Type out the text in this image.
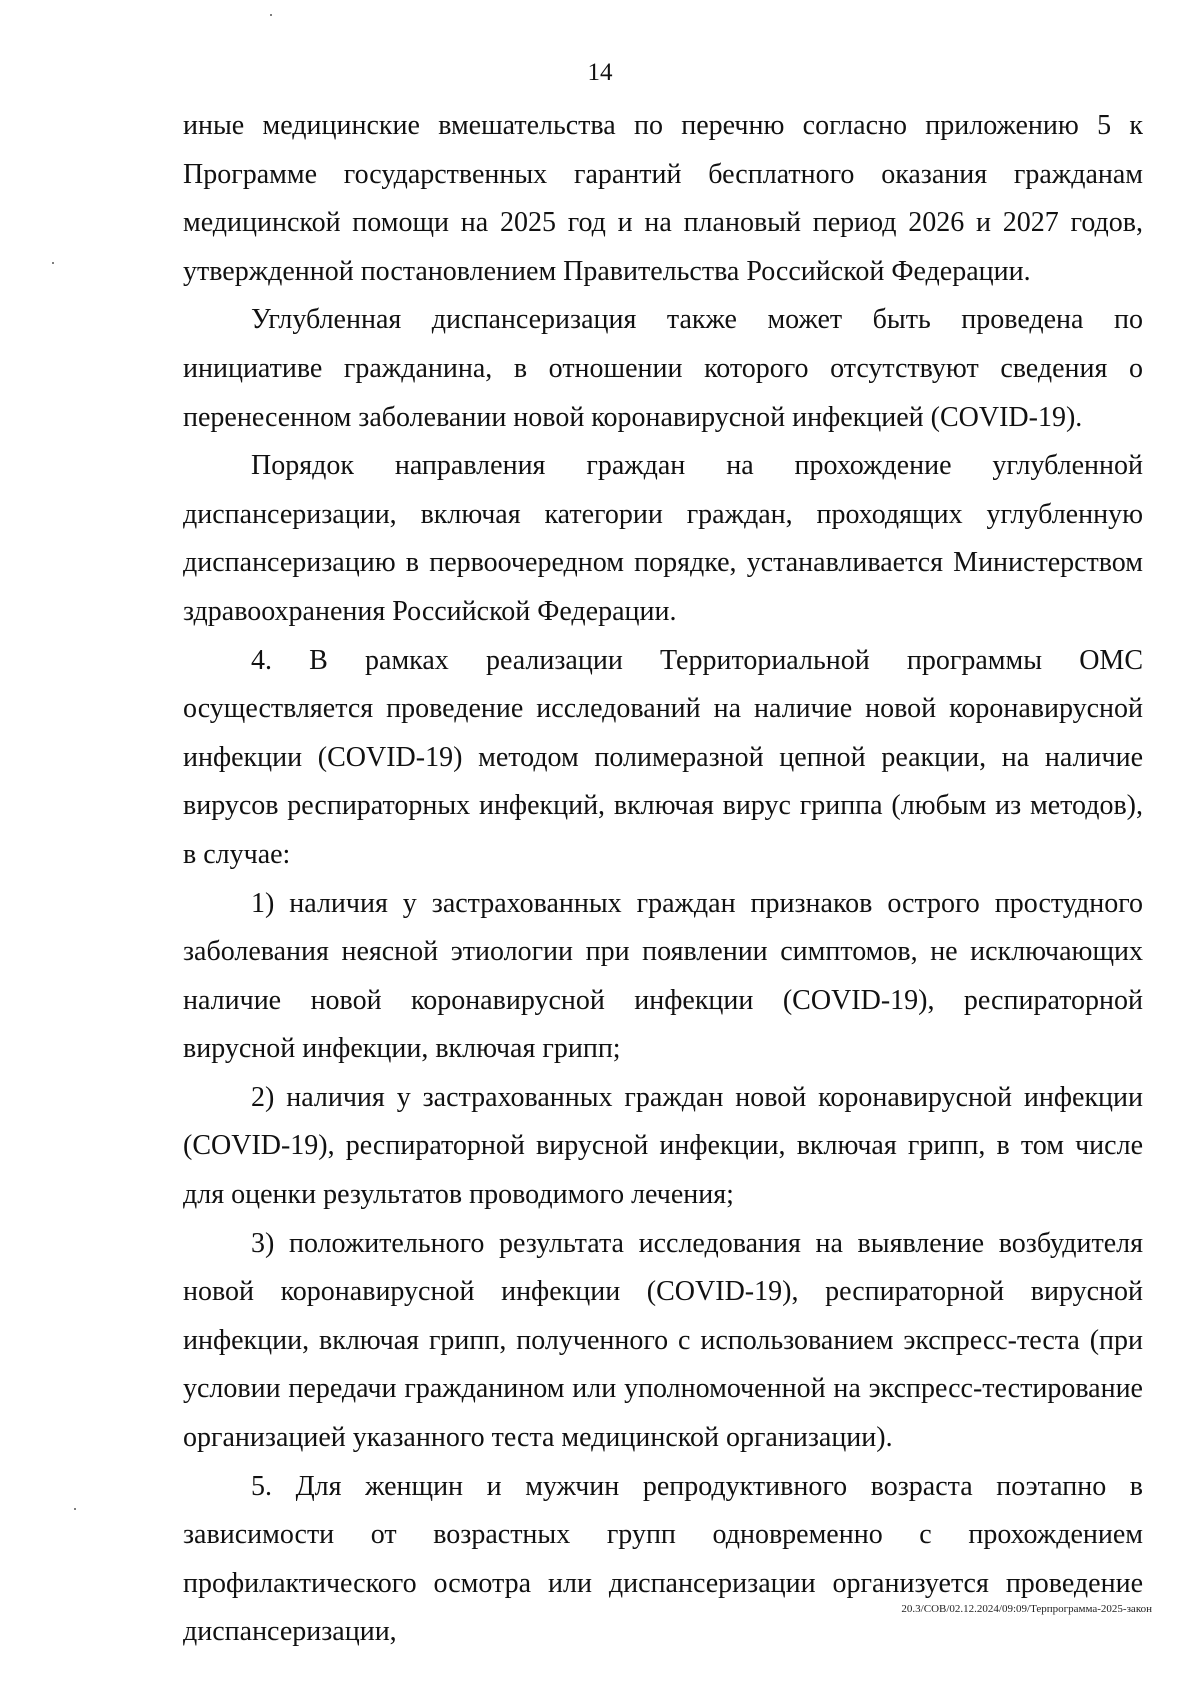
14

иные медицинские вмешательства по перечню согласно приложению 5 к Программе государственных гарантий бесплатного оказания гражданам медицинской помощи на 2025 год и на плановый период 2026 и 2027 годов, утвержденной постановлением Правительства Российской Федерации.

Углубленная диспансеризация также может быть проведена по инициативе гражданина, в отношении которого отсутствуют сведения о перенесенном заболевании новой коронавирусной инфекцией (COVID-19).

Порядок направления граждан на прохождение углубленной диспансеризации, включая категории граждан, проходящих углубленную диспансеризацию в первоочередном порядке, устанавливается Министерством здравоохранения Российской Федерации.

4. В рамках реализации Территориальной программы ОМС осуществляется проведение исследований на наличие новой коронавирусной инфекции (COVID-19) методом полимеразной цепной реакции, на наличие вирусов респираторных инфекций, включая вирус гриппа (любым из методов), в случае:

1) наличия у застрахованных граждан признаков острого простудного заболевания неясной этиологии при появлении симптомов, не исключающих наличие новой коронавирусной инфекции (COVID-19), респираторной вирусной инфекции, включая грипп;

2) наличия у застрахованных граждан новой коронавирусной инфекции (COVID-19), респираторной вирусной инфекции, включая грипп, в том числе для оценки результатов проводимого лечения;

3) положительного результата исследования на выявление возбудителя новой коронавирусной инфекции (COVID-19), респираторной вирусной инфекции, включая грипп, полученного с использованием экспресс-теста (при условии передачи гражданином или уполномоченной на экспресс-тестирование организацией указанного теста медицинской организации).

5. Для женщин и мужчин репродуктивного возраста поэтапно в зависимости от возрастных групп одновременно с прохождением профилактического осмотра или диспансеризации организуется проведение диспансеризации,

20.3/СОВ/02.12.2024/09:09/Терпрограмма-2025-закон
